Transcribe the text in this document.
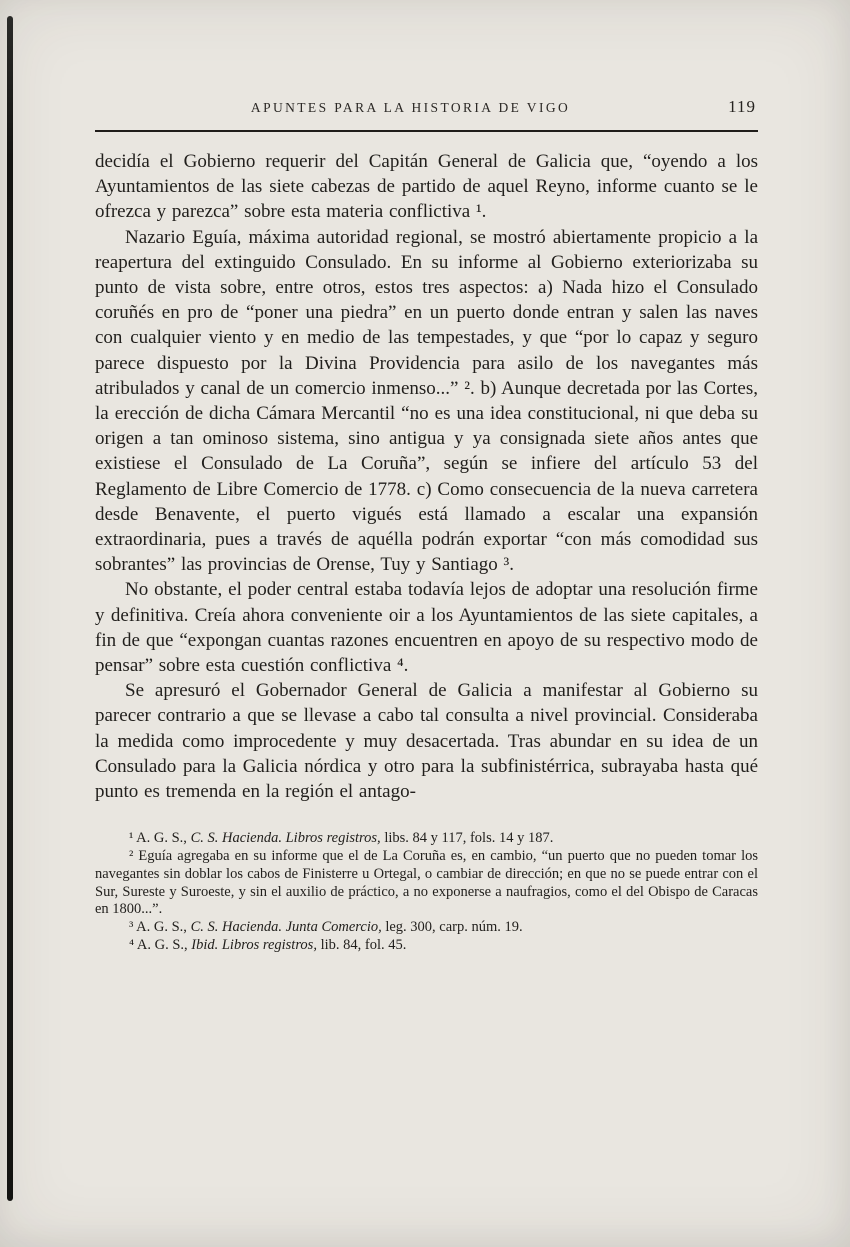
APUNTES PARA LA HISTORIA DE VIGO	119

decidía el Gobierno requerir del Capitán General de Galicia que, “oyendo a los Ayuntamientos de las siete cabezas de partido de aquel Reyno, informe cuanto se le ofrezca y parezca” sobre esta materia conflictiva ¹.

Nazario Eguía, máxima autoridad regional, se mostró abiertamente propicio a la reapertura del extinguido Consulado. En su informe al Gobierno exteriorizaba su punto de vista sobre, entre otros, estos tres aspectos: a) Nada hizo el Consulado coruñés en pro de “poner una piedra” en un puerto donde entran y salen las naves con cualquier viento y en medio de las tempestades, y que “por lo capaz y seguro parece dispuesto por la Divina Providencia para asilo de los navegantes más atribulados y canal de un comercio inmenso...” ². b) Aunque decretada por las Cortes, la erección de dicha Cámara Mercantil “no es una idea constitucional, ni que deba su origen a tan ominoso sistema, sino antigua y ya consignada siete años antes que existiese el Consulado de La Coruña”, según se infiere del artículo 53 del Reglamento de Libre Comercio de 1778. c) Como consecuencia de la nueva carretera desde Benavente, el puerto vigués está llamado a escalar una expansión extraordinaria, pues a través de aquélla podrán exportar “con más comodidad sus sobrantes” las provincias de Orense, Tuy y Santiago ³.

No obstante, el poder central estaba todavía lejos de adoptar una resolución firme y definitiva. Creía ahora conveniente oir a los Ayuntamientos de las siete capitales, a fin de que “expongan cuantas razones encuentren en apoyo de su respectivo modo de pensar” sobre esta cuestión conflictiva ⁴.

Se apresuró el Gobernador General de Galicia a manifestar al Gobierno su parecer contrario a que se llevase a cabo tal consulta a nivel provincial. Consideraba la medida como improcedente y muy desacertada. Tras abundar en su idea de un Consulado para la Galicia nórdica y otro para la subfinistérrica, subrayaba hasta qué punto es tremenda en la región el antago-

¹ A. G. S., C. S. Hacienda. Libros registros, libs. 84 y 117, fols. 14 y 187.

² Eguía agregaba en su informe que el de La Coruña es, en cambio, “un puerto que no pueden tomar los navegantes sin doblar los cabos de Finisterre u Ortegal, o cambiar de dirección; en que no se puede entrar con el Sur, Sureste y Suroeste, y sin el auxilio de práctico, a no exponerse a naufragios, como el del Obispo de Caracas en 1800...”.

³ A. G. S., C. S. Hacienda. Junta Comercio, leg. 300, carp. núm. 19.

⁴ A. G. S., Ibid. Libros registros, lib. 84, fol. 45.
